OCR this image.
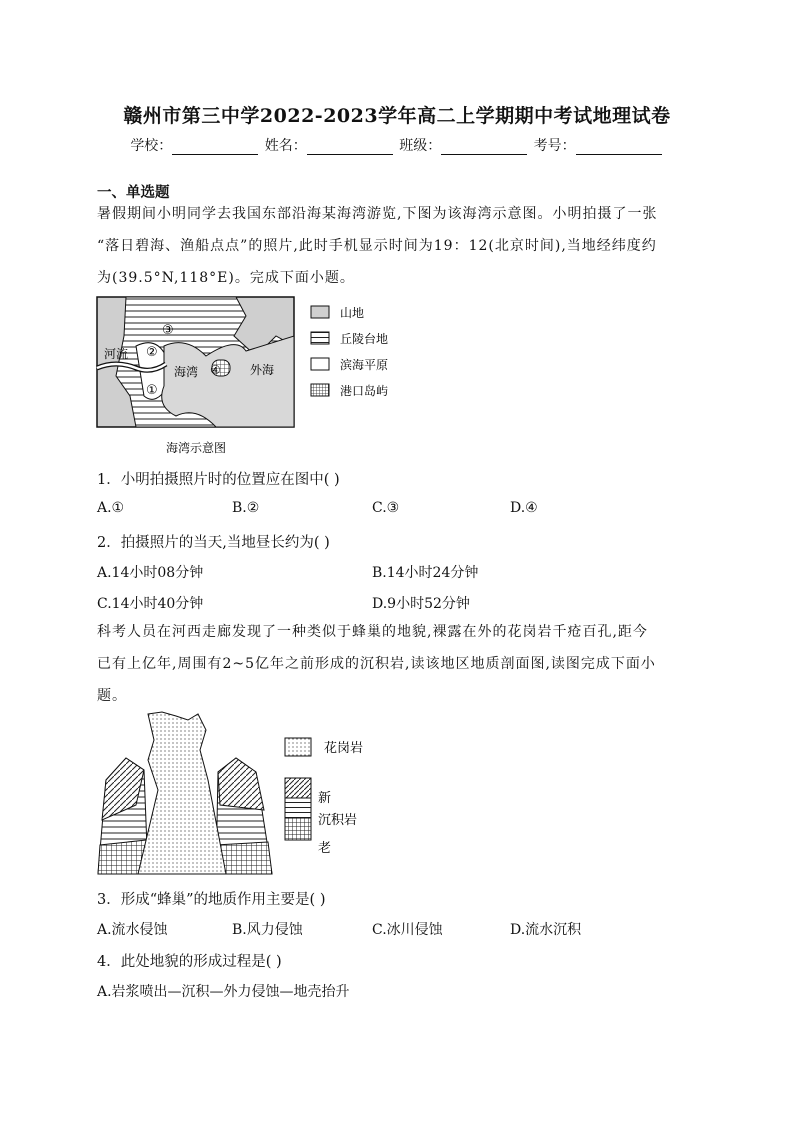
赣州市第三中学2022-2023学年高二上学期期中考试地理试卷
学校：	姓名：	班级：	考号：
一、单选题
暑假期间小明同学去我国东部沿海某海湾游览,下图为该海湾示意图。小明拍摄了一张
“落日碧海、渔船点点”的照片,此时手机显示时间为19：12(北京时间),当地经纬度约
为(39.5°N,118°E)。完成下面小题。
河流
海湾	外海
①
②
③
④
海湾示意图
山地
丘陵台地
滨海平原
港口岛屿
1．小明拍摄照片时的位置应在图中( )
A.①	B.②	C.③	D.④
2．拍摄照片的当天,当地昼长约为( )
A.14小时08分钟	B.14小时24分钟
C.14小时40分钟	D.9小时52分钟
科考人员在河西走廊发现了一种类似于蜂巢的地貌,裸露在外的花岗岩千疮百孔,距今
已有上亿年,周围有2~5亿年之前形成的沉积岩,读该地区地质剖面图,读图完成下面小
题。
花岗岩
新
沉积岩
老
3．形成“蜂巢”的地质作用主要是( )
A.流水侵蚀	B.风力侵蚀	C.冰川侵蚀	D.流水沉积
4．此处地貌的形成过程是( )
A.岩浆喷出—沉积—外力侵蚀—地壳抬升
